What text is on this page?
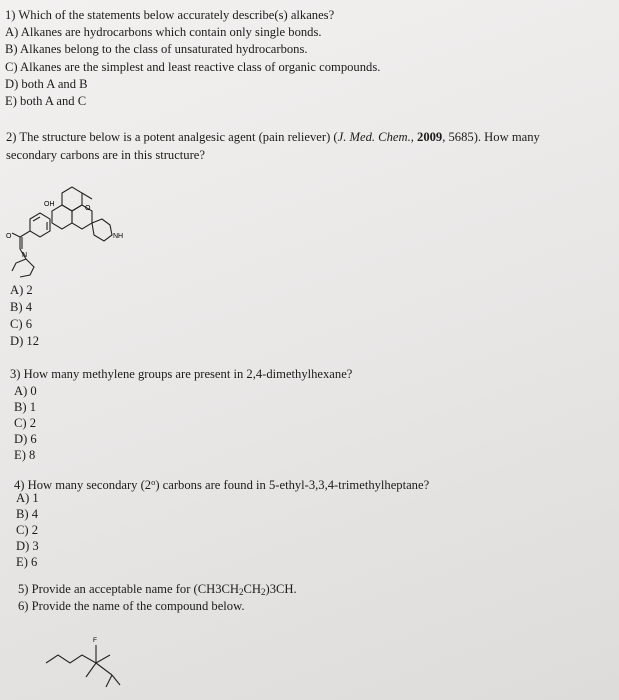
1) Which of the statements below accurately describe(s) alkanes?
A) Alkanes are hydrocarbons which contain only single bonds.
B) Alkanes belong to the class of unsaturated hydrocarbons.
C) Alkanes are the simplest and least reactive class of organic compounds.
D) both A and B
E) both A and C
2) The structure below is a potent analgesic agent (pain reliever) (J. Med. Chem., 2009, 5685). How many
secondary carbons are in this structure?
OH
O
NH
O
N
A) 2
B) 4
C) 6
D) 12
3) How many methylene groups are present in 2,4-dimethylhexane?
A) 0
B) 1
C) 2
D) 6
E) 8
4) How many secondary (2$^o$) carbons are found in 5-ethyl-3,3,4-trimethylheptane?
A) 1
B) 4
C) 2
D) 3
E) 6
5) Provide an acceptable name for $(CH3CH_2CH_2)3CH$.
6) Provide the name of the compound below.
F
